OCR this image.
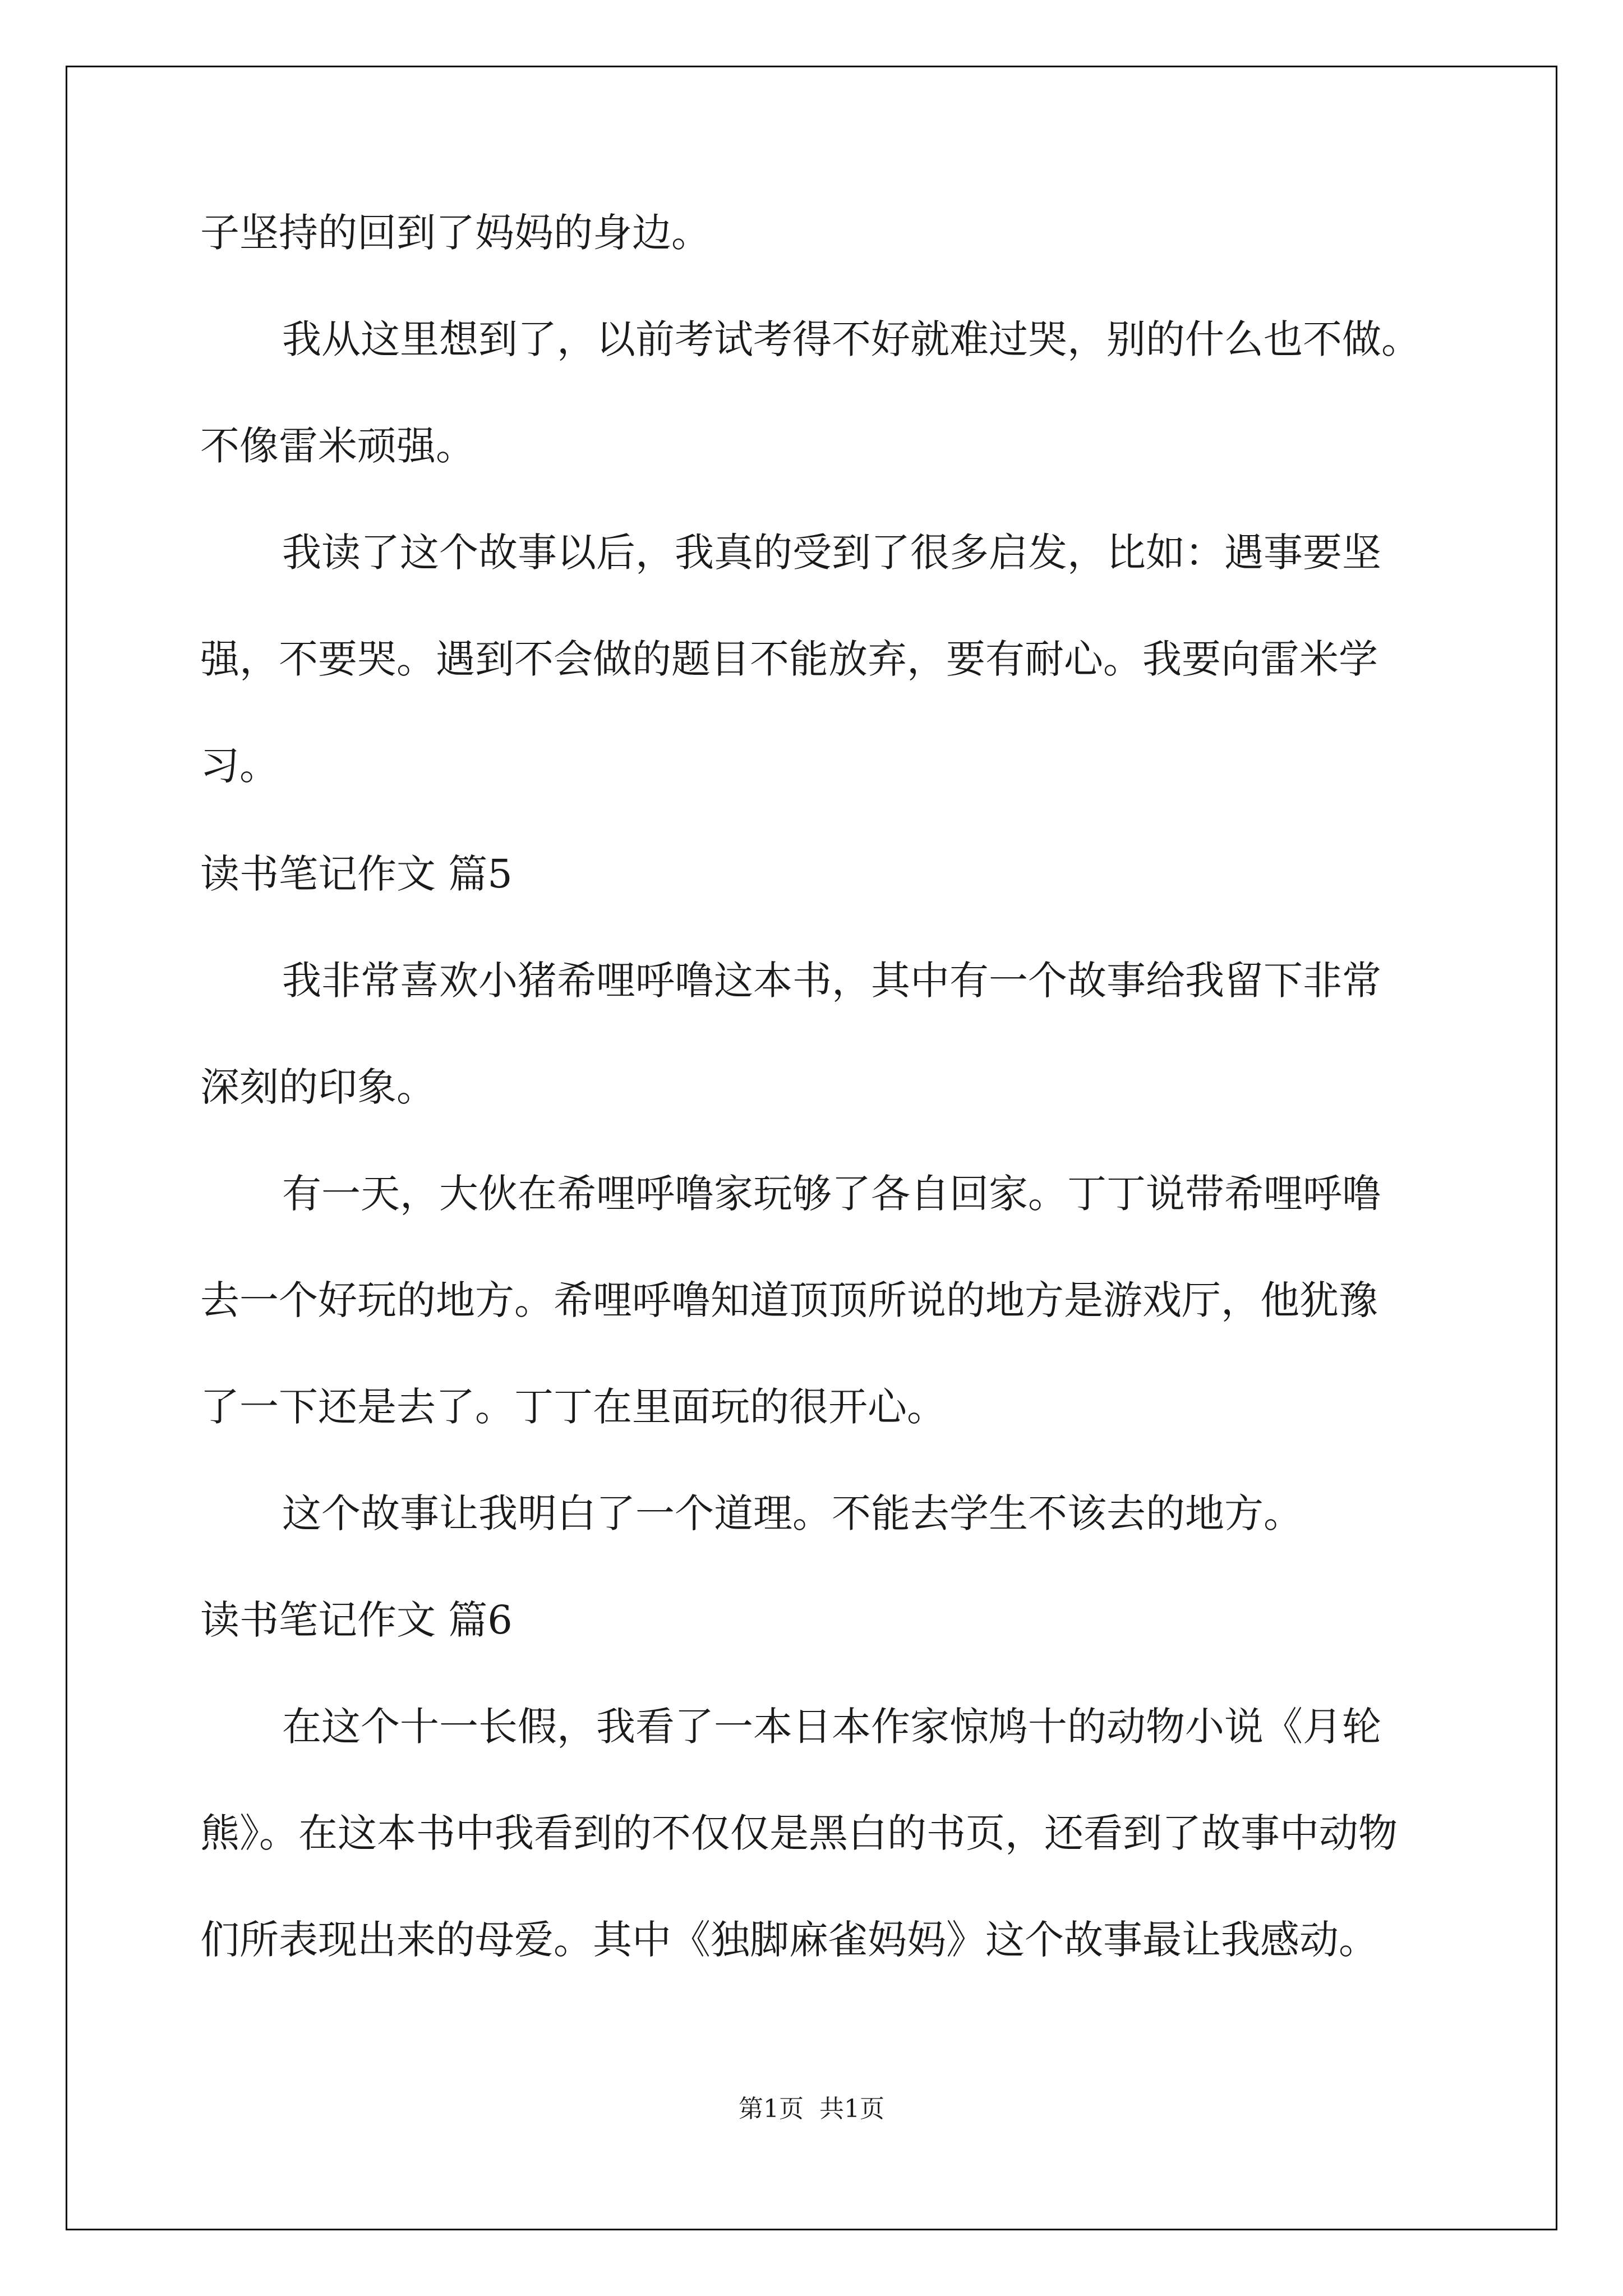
子坚持的回到了妈妈的身边。
我从这里想到了，以前考试考得不好就难过哭，别的什么也不做。
不像雷米顽强。
我读了这个故事以后，我真的受到了很多启发，比如：遇事要坚
强，不要哭。遇到不会做的题目不能放弃，要有耐心。我要向雷米学
习。
读书笔记作文 篇5
我非常喜欢小猪希哩呼噜这本书，其中有一个故事给我留下非常
深刻的印象。
有一天，大伙在希哩呼噜家玩够了各自回家。丁丁说带希哩呼噜
去一个好玩的地方。希哩呼噜知道顶顶所说的地方是游戏厅，他犹豫
了一下还是去了。丁丁在里面玩的很开心。
这个故事让我明白了一个道理。不能去学生不该去的地方。
读书笔记作文 篇6
在这个十一长假，我看了一本日本作家惊鸠十的动物小说《月轮
熊》。在这本书中我看到的不仅仅是黑白的书页，还看到了故事中动物
们所表现出来的母爱。其中《独脚麻雀妈妈》这个故事最让我感动。
第1页  共1页
